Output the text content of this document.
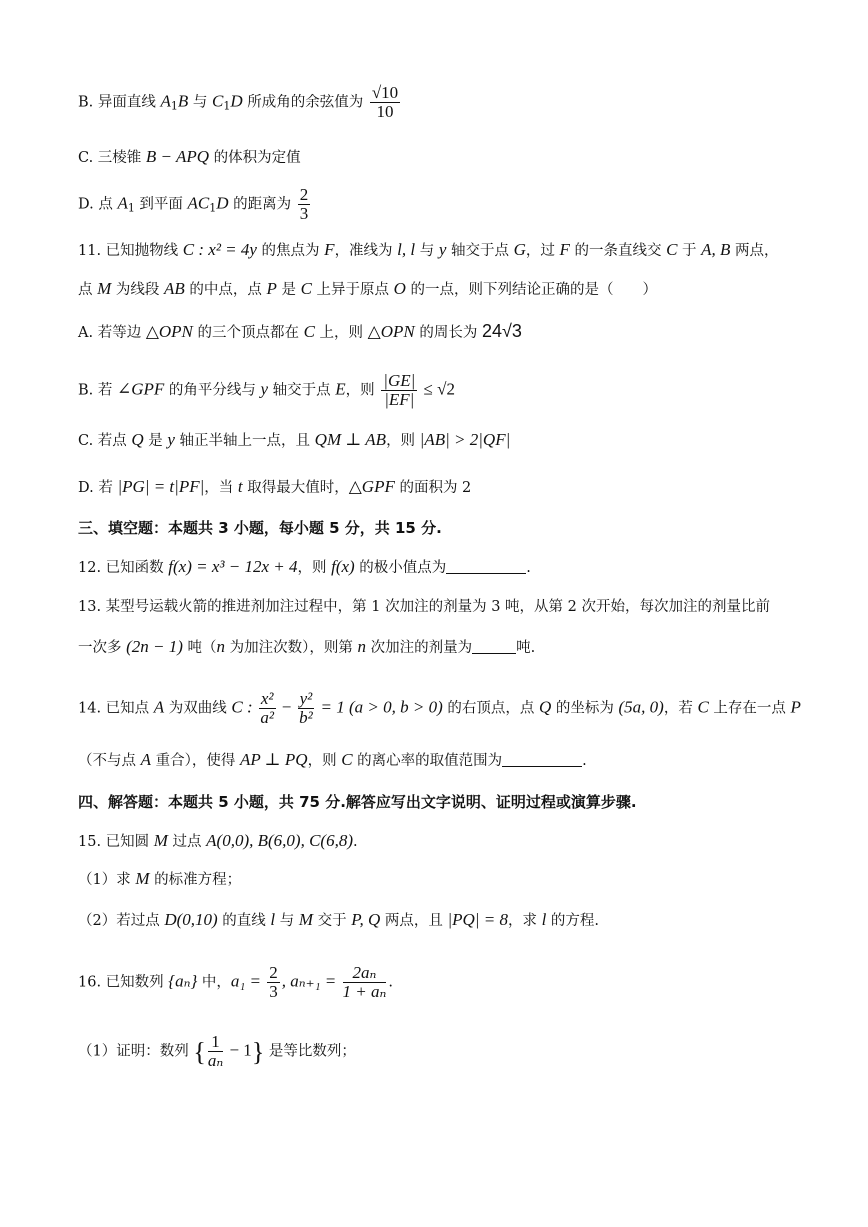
B. 异面直线 $A_1B$ 与 $C_1D$ 所成角的余弦值为 $\frac{√10}{10}$
C. 三棱锥 B − APQ 的体积为定值
D. 点 $A_1$ 到平面 $AC_1D$ 的距离为 $\frac{2}{3}$
11. 已知抛物线 C : x² = 4y 的焦点为 F，准线为 l, l 与 y 轴交于点 G，过 F 的一条直线交 C 于 A, B 两点，
点 M 为线段 AB 的中点，点 P 是 C 上异于原点 O 的一点，则下列结论正确的是（　　）
A. 若等边 △OPN 的三个顶点都在 C 上，则 △OPN 的周长为 24√3
B. 若 ∠GPF 的角平分线与 y 轴交于点 E，则 $\frac{|GE|}{|EF|} \le √2$
C. 若点 Q 是 y 轴正半轴上一点，且 QM ⊥ AB，则 |AB| > 2|QF|
D. 若 |PG| = t|PF|，当 t 取得最大值时，△GPF 的面积为 2
三、填空题：本题共 3 小题，每小题 5 分，共 15 分.
12. 已知函数 f(x) = x³ − 12x + 4，则 f(x) 的极小值点为	.
13. 某型号运载火箭的推进剂加注过程中，第 1 次加注的剂量为 3 吨，从第 2 次开始，每次加注的剂量比前
一次多 (2n − 1) 吨（n 为加注次数），则第 n 次加注的剂量为	吨.
14. 已知点 A 为双曲线 C : $\frac{\text{x²}}{\text{a²}} - \frac{\text{y²}}{\text{b²}} = 1$ (a > 0, b > 0) 的右顶点，点 Q 的坐标为 (5a, 0)，若 C 上存在一点 P
（不与点 A 重合），使得 AP ⊥ PQ，则 C 的离心率的取值范围为	.
四、解答题：本题共 5 小题，共 75 分.解答应写出文字说明、证明过程或演算步骤.
15. 已知圆 M 过点 A(0,0), B(6,0), C(6,8).
（1）求 M 的标准方程；
（2）若过点 D(0,10) 的直线 l 与 M 交于 P, Q 两点，且 |PQ| = 8，求 l 的方程.
16. 已知数列 {aₙ} 中，$a_1 = \frac{2}{3}$ , $a_{n+1} = \frac{\text{2aₙ}}{\text{1 + aₙ}}$ .
（1）证明：数列 { $\frac{1}{\text{aₙ}} - 1$} 是等比数列；
